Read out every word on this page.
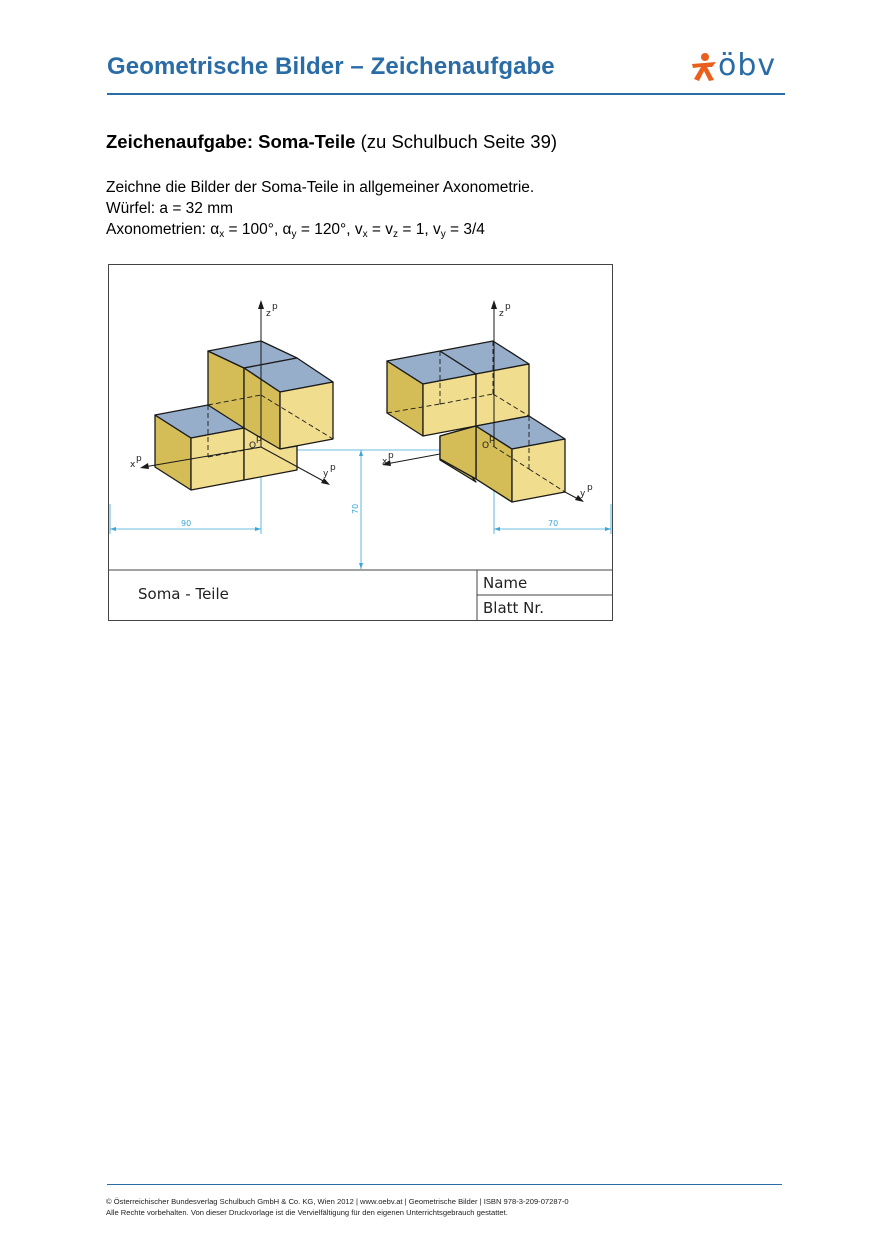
Geometrische Bilder – Zeichenaufgabe	öbv
Zeichenaufgabe: Soma-Teile (zu Schulbuch Seite 39)
Zeichne die Bilder der Soma-Teile in allgemeiner Axonometrie.
Würfel: a = 32 mm
Axonometrien: $\alpha_x = 100^\circ$, $\alpha_y = 120^\circ$, $v_x = v_z = 1$, $v_y = 3/4$
90
70
70
z
p
x
p
y
p
O
p
z
p
x
p
y
p
O
p
Soma - Teile
Name
Blatt Nr.
© Österreichischer Bundesverlag Schulbuch GmbH & Co. KG, Wien 2012 | www.oebv.at | Geometrische Bilder | ISBN 978-3-209-07287-0
Alle Rechte vorbehalten. Von dieser Druckvorlage ist die Vervielfältigung für den eigenen Unterrichtsgebrauch gestattet.
